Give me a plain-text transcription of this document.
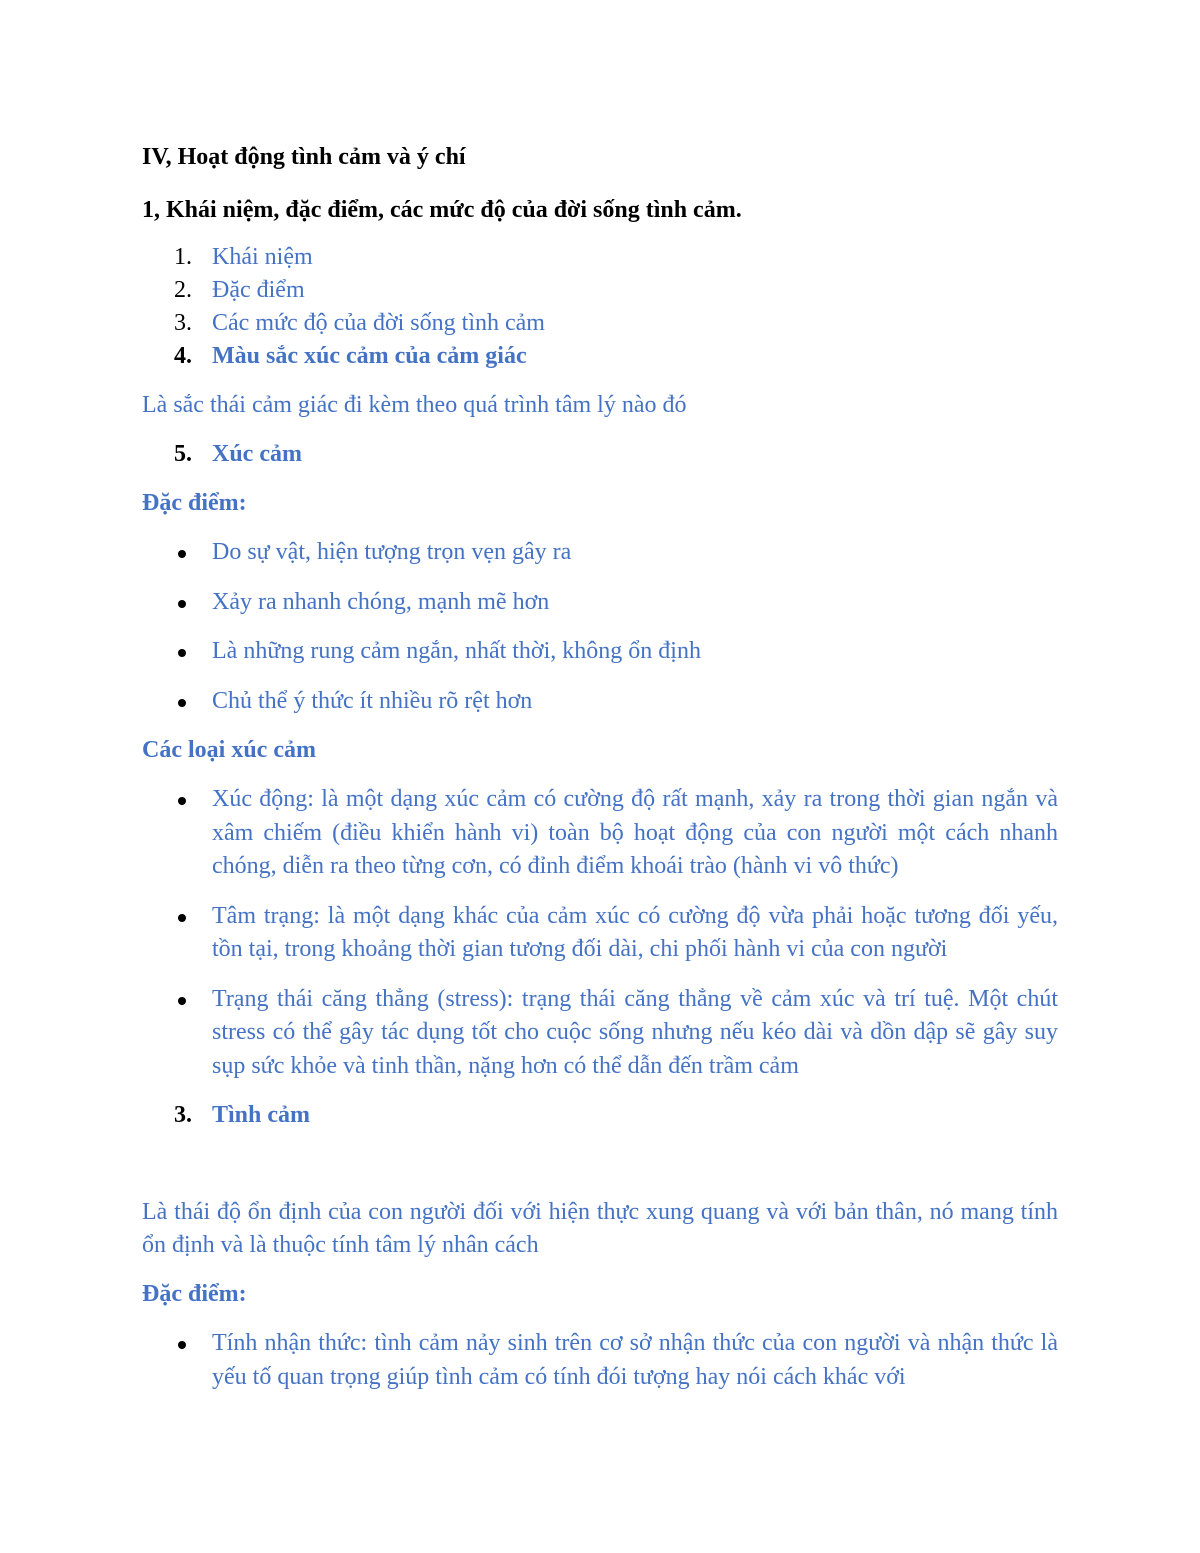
IV, Hoạt động tình cảm và ý chí

1, Khái niệm, đặc điểm, các mức độ của đời sống tình cảm.

1. Khái niệm
2. Đặc điểm
3. Các mức độ của đời sống tình cảm
4. Màu sắc xúc cảm của cảm giác

Là sắc thái cảm giác đi kèm theo quá trình tâm lý nào đó

5. Xúc cảm

Đặc điểm:

Do sự vật, hiện tượng trọn vẹn gây ra
Xảy ra nhanh chóng, mạnh mẽ hơn
Là những rung cảm ngắn, nhất thời, không ổn định
Chủ thể ý thức ít nhiều rõ rệt hơn

Các loại xúc cảm

Xúc động: là một dạng xúc cảm có cường độ rất mạnh, xảy ra trong thời gian ngắn và xâm chiếm (điều khiển hành vi) toàn bộ hoạt động của con người một cách nhanh chóng, diễn ra theo từng cơn, có đỉnh điểm khoái trào (hành vi vô thức)
Tâm trạng: là một dạng khác của cảm xúc có cường độ vừa phải hoặc tương đối yếu, tồn tại, trong khoảng thời gian tương đối dài, chi phối hành vi của con người
Trạng thái căng thẳng (stress): trạng thái căng thẳng về cảm xúc và trí tuệ. Một chút stress có thể gây tác dụng tốt cho cuộc sống nhưng nếu kéo dài và dồn dập sẽ gây suy sụp sức khỏe và tinh thần, nặng hơn có thể dẫn đến trầm cảm
3. Tình cảm

Là thái độ ổn định của con người đối với hiện thực xung quang và với bản thân, nó mang tính ổn định và là thuộc tính tâm lý nhân cách

Đặc điểm:

Tính nhận thức: tình cảm nảy sinh trên cơ sở nhận thức của con người và nhận thức là yếu tố quan trọng giúp tình cảm có tính đói tượng hay nói cách khác với
